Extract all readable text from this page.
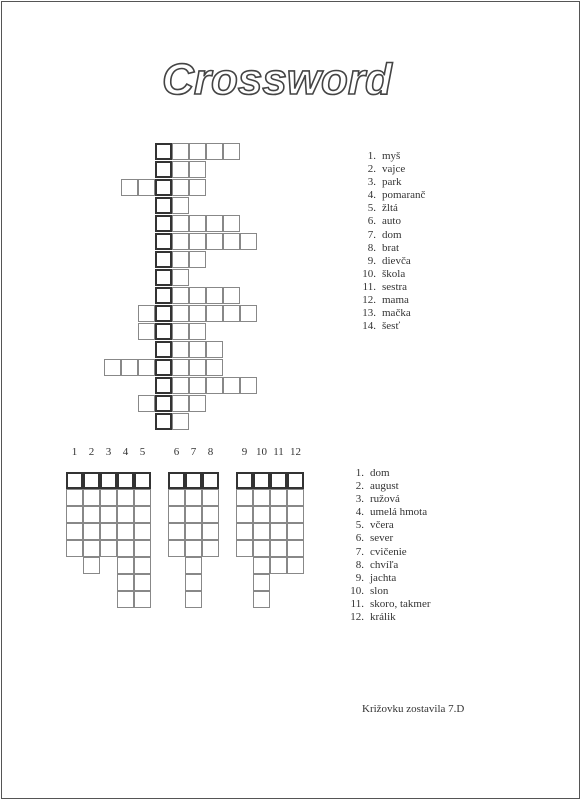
Crossword
1. myš
2. vajce
3. park
4. pomaranč
5. žltá
6. auto
7. dom
8. brat
9. dievča
10. škola
11. sestra
12. mama
13. mačka
14. šesť
1	2	3	4	5	6	7	8	9 10 11 12
1. dom
2. august
3. ružová
4. umelá hmota
5. včera
6. sever
7. cvičenie
8. chvíľa
9. jachta
10. slon
11. skoro, takmer
12. králik
Križovku zostavila 7.D
